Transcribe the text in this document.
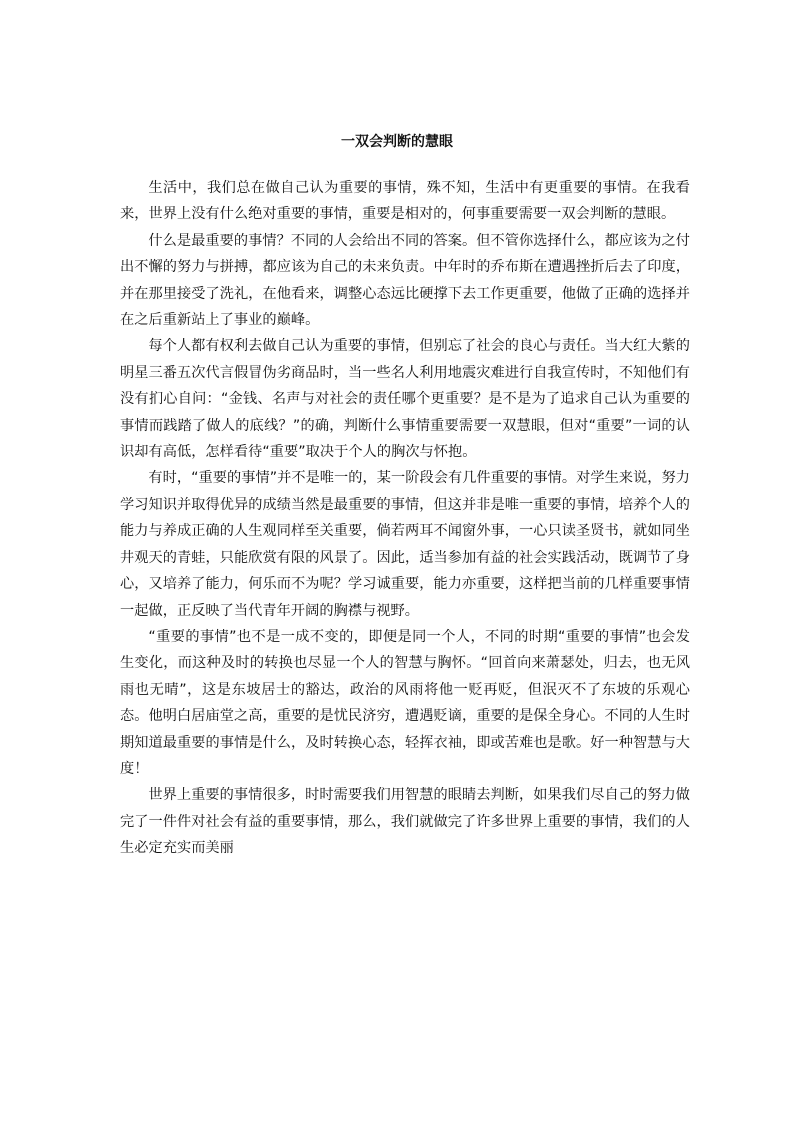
一双会判断的慧眼

生活中，我们总在做自己认为重要的事情，殊不知，生活中有更重要的事情。在我看来，世界上没有什么绝对重要的事情，重要是相对的，何事重要需要一双会判断的慧眼。

什么是最重要的事情？不同的人会给出不同的答案。但不管你选择什么，都应该为之付出不懈的努力与拼搏，都应该为自己的未来负责。中年时的乔布斯在遭遇挫折后去了印度，并在那里接受了洗礼，在他看来，调整心态远比硬撑下去工作更重要，他做了正确的选择并在之后重新站上了事业的巅峰。

每个人都有权利去做自己认为重要的事情，但别忘了社会的良心与责任。当大红大紫的明星三番五次代言假冒伪劣商品时，当一些名人利用地震灾难进行自我宣传时，不知他们有没有扪心自问：“金钱、名声与对社会的责任哪个更重要？是不是为了追求自己认为重要的事情而践踏了做人的底线？”的确，判断什么事情重要需要一双慧眼，但对“重要”一词的认识却有高低，怎样看待“重要”取决于个人的胸次与怀抱。

有时，“重要的事情”并不是唯一的，某一阶段会有几件重要的事情。对学生来说，努力学习知识并取得优异的成绩当然是最重要的事情，但这并非是唯一重要的事情，培养个人的能力与养成正确的人生观同样至关重要，倘若两耳不闻窗外事，一心只读圣贤书，就如同坐井观天的青蛙，只能欣赏有限的风景了。因此，适当参加有益的社会实践活动，既调节了身心，又培养了能力，何乐而不为呢？学习诚重要，能力亦重要，这样把当前的几样重要事情一起做，正反映了当代青年开阔的胸襟与视野。

“重要的事情”也不是一成不变的，即便是同一个人，不同的时期“重要的事情”也会发生变化，而这种及时的转换也尽显一个人的智慧与胸怀。“回首向来萧瑟处，归去，也无风雨也无晴”，这是东坡居士的豁达，政治的风雨将他一贬再贬，但泯灭不了东坡的乐观心态。他明白居庙堂之高，重要的是忧民济穷，遭遇贬谪，重要的是保全身心。不同的人生时期知道最重要的事情是什么，及时转换心态，轻挥衣袖，即或苦难也是歌。好一种智慧与大度！

世界上重要的事情很多，时时需要我们用智慧的眼睛去判断，如果我们尽自己的努力做完了一件件对社会有益的重要事情，那么，我们就做完了许多世界上重要的事情，我们的人生必定充实而美丽
